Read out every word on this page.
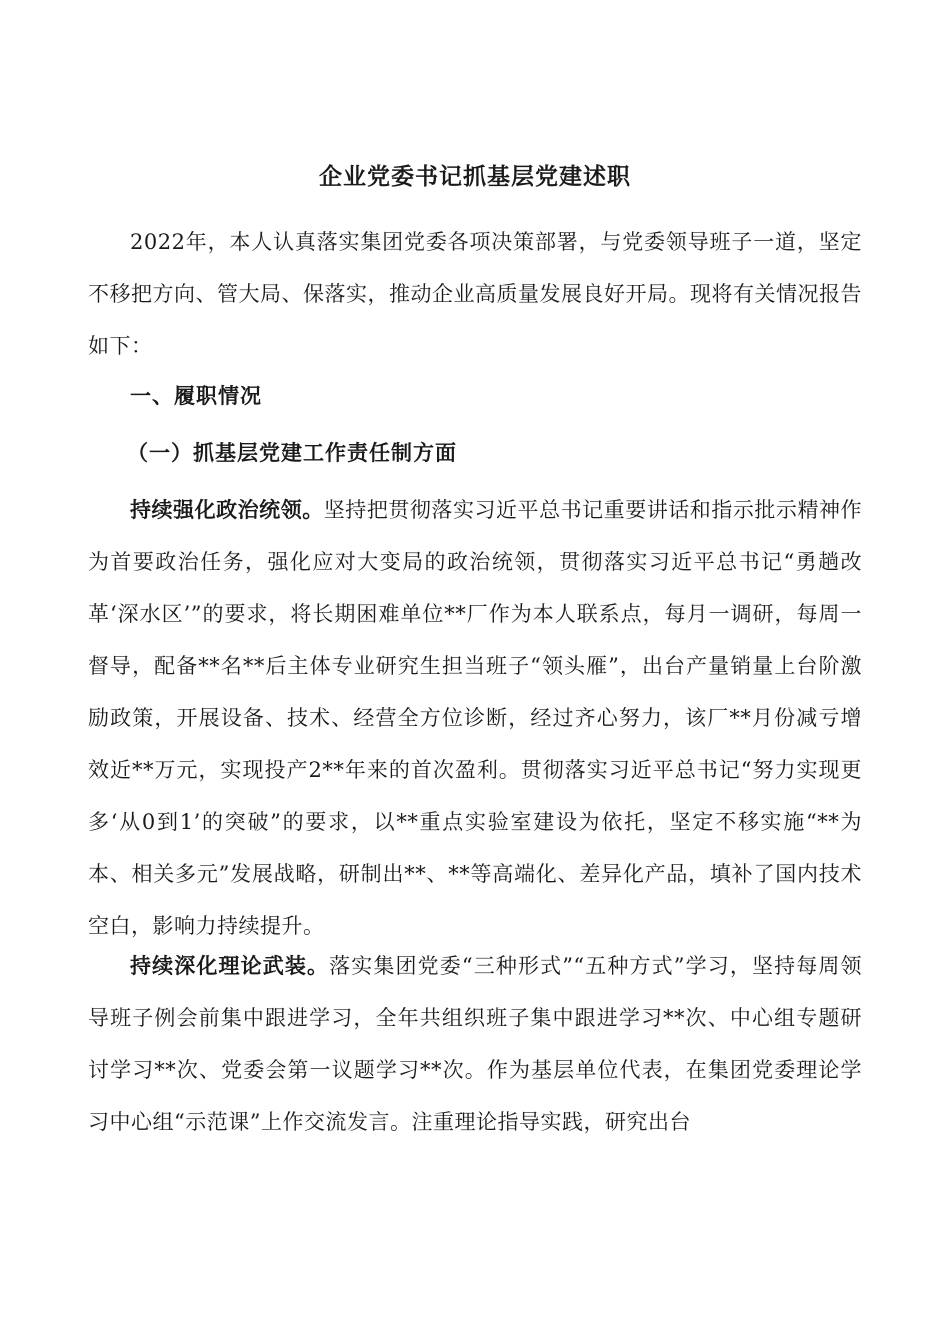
企业党委书记抓基层党建述职

2022年，本人认真落实集团党委各项决策部署，与党委领导班子一道，坚定不移把方向、管大局、保落实，推动企业高质量发展良好开局。现将有关情况报告如下：

一、履职情况

（一）抓基层党建工作责任制方面

持续强化政治统领。坚持把贯彻落实习近平总书记重要讲话和指示批示精神作为首要政治任务，强化应对大变局的政治统领，贯彻落实习近平总书记“勇趟改革‘深水区’”的要求，将长期困难单位**厂作为本人联系点，每月一调研，每周一督导，配备**名**后主体专业研究生担当班子“领头雁”，出台产量销量上台阶激励政策，开展设备、技术、经营全方位诊断，经过齐心努力，该厂**月份减亏增效近**万元，实现投产2**年来的首次盈利。贯彻落实习近平总书记“努力实现更多‘从0到1’的突破”的要求，以**重点实验室建设为依托，坚定不移实施“**为本、相关多元”发展战略，研制出**、**等高端化、差异化产品，填补了国内技术空白，影响力持续提升。

持续深化理论武装。落实集团党委“三种形式”“五种方式”学习，坚持每周领导班子例会前集中跟进学习，全年共组织班子集中跟进学习**次、中心组专题研讨学习**次、党委会第一议题学习**次。作为基层单位代表，在集团党委理论学习中心组“示范课”上作交流发言。注重理论指导实践，研究出台
